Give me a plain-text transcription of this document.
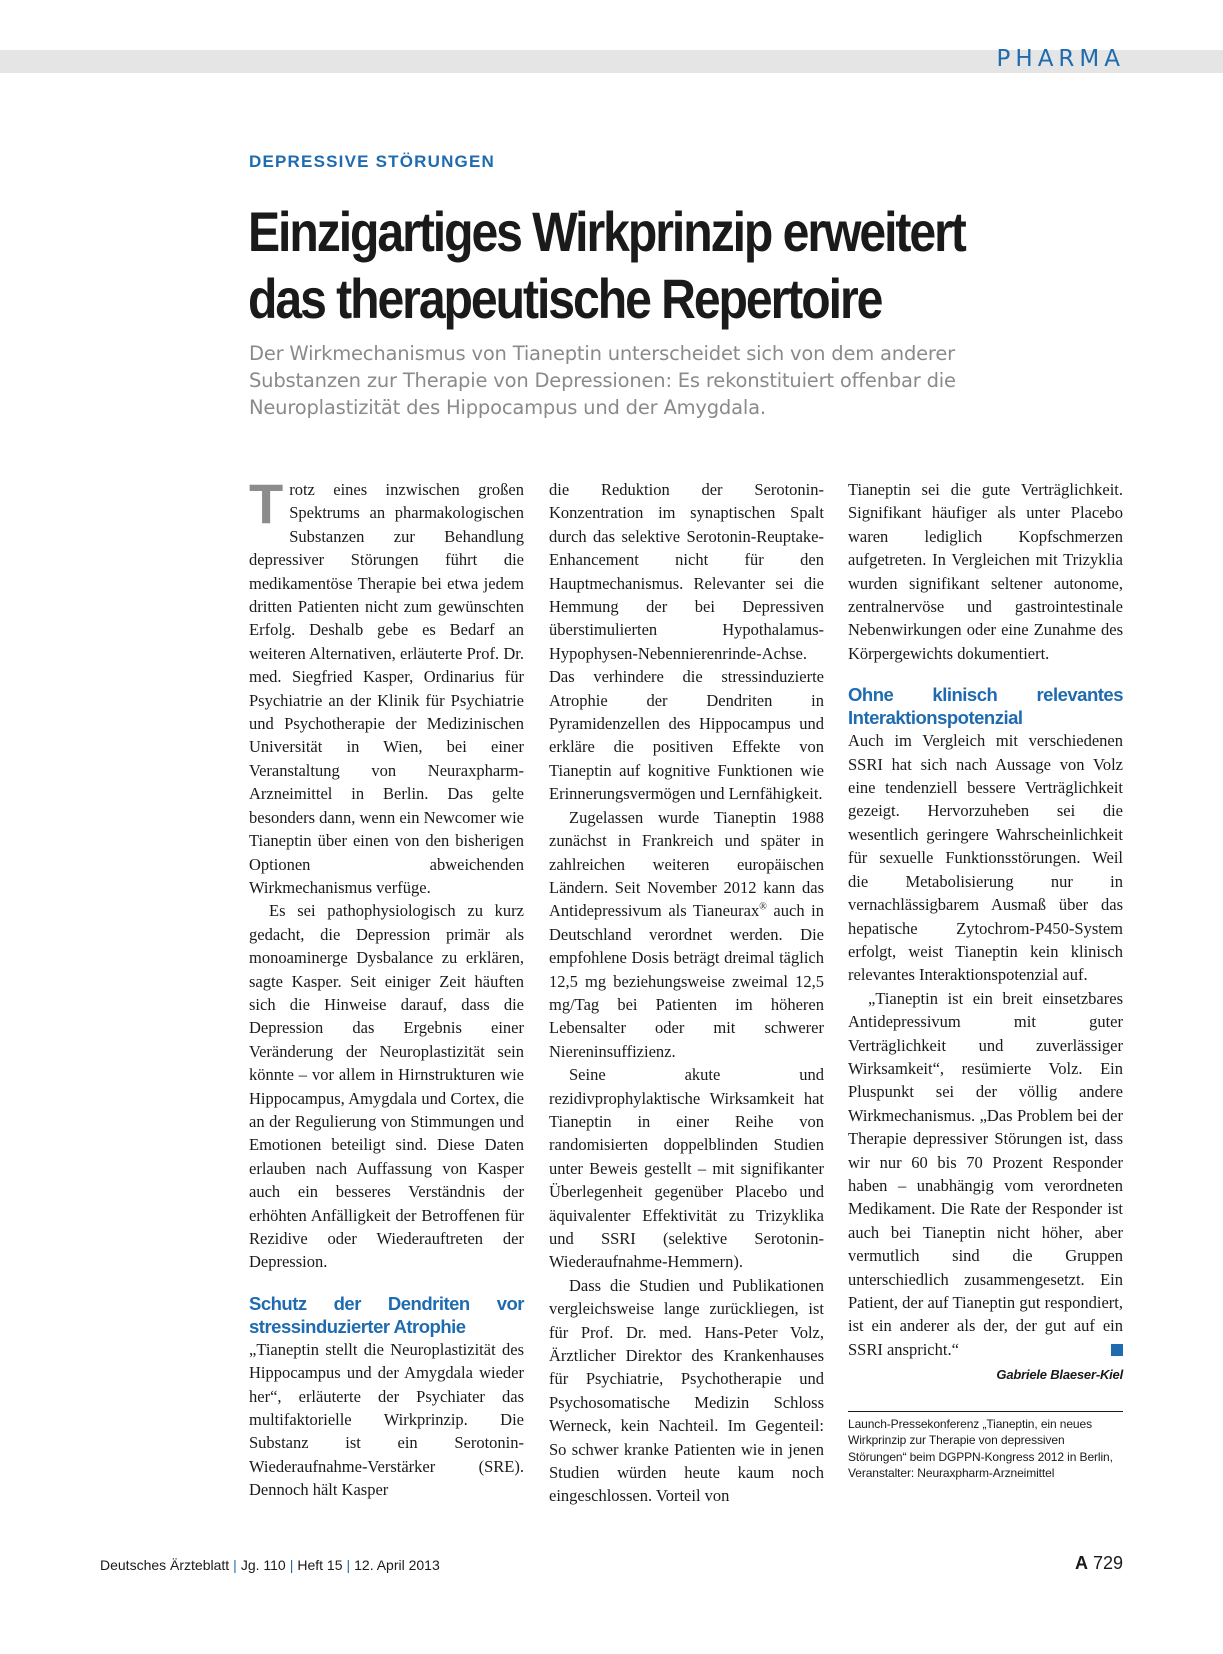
PHARMA
DEPRESSIVE STÖRUNGEN
Einzigartiges Wirkprinzip erweitert
das therapeutische Repertoire

Der Wirkmechanismus von Tianeptin unterscheidet sich von dem anderer Substanzen zur Therapie von Depressionen: Es rekonstituiert offenbar die Neuroplastizität des Hippocampus und der Amygdala.

Trotz eines inzwischen großen Spektrums an pharmakologischen Substanzen zur Behandlung depressiver Störungen führt die medikamentöse Therapie bei etwa jedem dritten Patienten nicht zum gewünschten Erfolg. Deshalb gebe es Bedarf an weiteren Alternativen, erläuterte Prof. Dr. med. Siegfried Kasper, Ordinarius für Psychiatrie an der Klinik für Psychiatrie und Psychotherapie der Medizinischen Universität in Wien, bei einer Veranstaltung von Neuraxpharm-Arzneimittel in Berlin. Das gelte besonders dann, wenn ein Newcomer wie Tianeptin über einen von den bisherigen Optionen abweichenden Wirkmechanismus verfüge.

Es sei pathophysiologisch zu kurz gedacht, die Depression primär als monoaminerge Dysbalance zu erklären, sagte Kasper. Seit einiger Zeit häuften sich die Hinweise darauf, dass die Depression das Ergebnis einer Veränderung der Neuroplastizität sein könnte – vor allem in Hirnstrukturen wie Hippocampus, Amygdala und Cortex, die an der Regulierung von Stimmungen und Emotionen beteiligt sind. Diese Daten erlauben nach Auffassung von Kasper auch ein besseres Verständnis der erhöhten Anfälligkeit der Betroffenen für Rezidive oder Wiederauftreten der Depression.

Schutz der Dendriten vor stressinduzierter Atrophie

„Tianeptin stellt die Neuroplastizität des Hippocampus und der Amygdala wieder her“, erläuterte der Psychiater das multifaktorielle Wirkprinzip. Die Substanz ist ein Serotonin-Wiederaufnahme-Verstärker (SRE). Dennoch hält Kasper

die Reduktion der Serotonin-Konzentration im synaptischen Spalt durch das selektive Serotonin-Reuptake-Enhancement nicht für den Hauptmechanismus. Relevanter sei die Hemmung der bei Depressiven überstimulierten Hypothalamus-Hypophysen-Nebennierenrinde-Achse. Das verhindere die stressinduzierte Atrophie der Dendriten in Pyramidenzellen des Hippocampus und erkläre die positiven Effekte von Tianeptin auf kognitive Funktionen wie Erinnerungsvermögen und Lernfähigkeit.

Zugelassen wurde Tianeptin 1988 zunächst in Frankreich und später in zahlreichen weiteren europäischen Ländern. Seit November 2012 kann das Antidepressivum als Tianeurax® auch in Deutschland verordnet werden. Die empfohlene Dosis beträgt dreimal täglich 12,5 mg beziehungsweise zweimal 12,5 mg/Tag bei Patienten im höheren Lebensalter oder mit schwerer Niereninsuffizienz.

Seine akute und rezidivprophylaktische Wirksamkeit hat Tianeptin in einer Reihe von randomisierten doppelblinden Studien unter Beweis gestellt – mit signifikanter Überlegenheit gegenüber Placebo und äquivalenter Effektivität zu Trizyklika und SSRI (selektive Serotonin-Wiederaufnahme-Hemmern).

Dass die Studien und Publikationen vergleichsweise lange zurückliegen, ist für Prof. Dr. med. Hans-Peter Volz, Ärztlicher Direktor des Krankenhauses für Psychiatrie, Psychotherapie und Psychosomatische Medizin Schloss Werneck, kein Nachteil. Im Gegenteil: So schwer kranke Patienten wie in jenen Studien würden heute kaum noch eingeschlossen. Vorteil von

Tianeptin sei die gute Verträglichkeit. Signifikant häufiger als unter Placebo waren lediglich Kopfschmerzen aufgetreten. In Vergleichen mit Trizyklia wurden signifikant seltener autonome, zentralnervöse und gastrointestinale Nebenwirkungen oder eine Zunahme des Körpergewichts dokumentiert.

Ohne klinisch relevantes Interaktionspotenzial

Auch im Vergleich mit verschiedenen SSRI hat sich nach Aussage von Volz eine tendenziell bessere Verträglichkeit gezeigt. Hervorzuheben sei die wesentlich geringere Wahrscheinlichkeit für sexuelle Funktionsstörungen. Weil die Metabolisierung nur in vernachlässigbarem Ausmaß über das hepatische Zytochrom-P450-System erfolgt, weist Tianeptin kein klinisch relevantes Interaktionspotenzial auf.

„Tianeptin ist ein breit einsetzbares Antidepressivum mit guter Verträglichkeit und zuverlässiger Wirksamkeit“, resümierte Volz. Ein Pluspunkt sei der völlig andere Wirkmechanismus. „Das Problem bei der Therapie depressiver Störungen ist, dass wir nur 60 bis 70 Prozent Responder haben – unabhängig vom verordneten Medikament. Die Rate der Responder ist auch bei Tianeptin nicht höher, aber vermutlich sind die Gruppen unterschiedlich zusammengesetzt. Ein Patient, der auf Tianeptin gut respondiert, ist ein anderer als der, der gut auf ein SSRI anspricht.“

Gabriele Blaeser-Kiel
Launch-Pressekonferenz „Tianeptin, ein neues Wirkprinzip zur Therapie von depressiven Störungen“ beim DGPPN-Kongress 2012 in Berlin, Veranstalter: Neuraxpharm-Arzneimittel
Deutsches Ärzteblatt | Jg. 110 | Heft 15 | 12. April 2013	A 729
